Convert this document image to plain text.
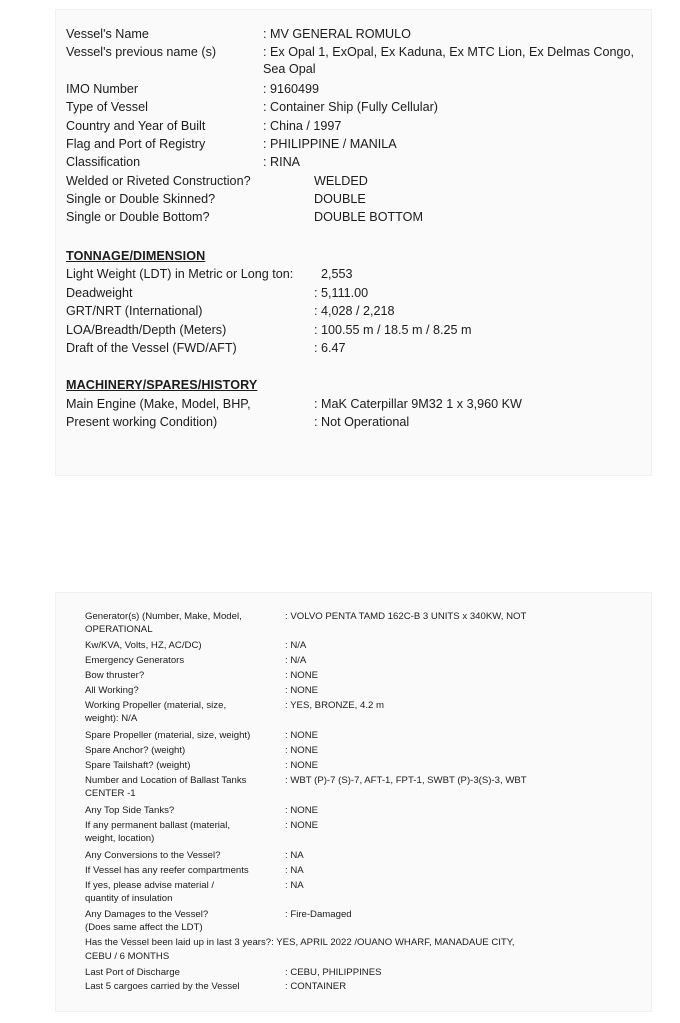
Vessel's Name	: MV GENERAL ROMULO
Vessel's previous name (s)	: Ex Opal 1, ExOpal, Ex Kaduna, Ex MTC Lion, Ex Delmas Congo,
Sea Opal
IMO Number	: 9160499
Type of Vessel	: Container Ship (Fully Cellular)
Country and Year of Built	: China / 1997
Flag and Port of Registry	: PHILIPPINE / MANILA
Classification	: RINA
Welded or Riveted Construction?	WELDED
Single or Double Skinned?	DOUBLE
Single or Double Bottom?	DOUBLE BOTTOM
TONNAGE/DIMENSION
Light Weight (LDT) in Metric or Long ton: 2,553
Deadweight	: 5,111.00
GRT/NRT (International)	: 4,028 / 2,218
LOA/Breadth/Depth (Meters)	: 100.55 m / 18.5 m / 8.25 m
Draft of the Vessel (FWD/AFT)	: 6.47
MACHINERY/SPARES/HISTORY
Main Engine (Make, Model, BHP,	: MaK Caterpillar 9M32 1 x 3,960 KW
Present working Condition)	: Not Operational
Generator(s) (Number, Make, Model,	: VOLVO PENTA TAMD 162C-B 3 UNITS x 340KW, NOT
OPERATIONAL
Kw/KVA, Volts, HZ, AC/DC)	: N/A
Emergency Generators	: N/A
Bow thruster?	: NONE
All Working?	: NONE
Working Propeller (material, size,	: YES, BRONZE, 4.2 m
weight): N/A
Spare Propeller (material, size, weight)	: NONE
Spare Anchor? (weight)	: NONE
Spare Tailshaft? (weight)	: NONE
Number and Location of Ballast Tanks	: WBT (P)-7 (S)-7, AFT-1, FPT-1, SWBT (P)-3(S)-3, WBT
CENTER -1
Any Top Side Tanks?	: NONE
If any permanent ballast (material,	: NONE
weight, location)
Any Conversions to the Vessel?	: NA
If Vessel has any reefer compartments	: NA
If yes, please advise material /	: NA
quantity of insulation
Any Damages to the Vessel?	: Fire-Damaged
(Does same affect the LDT)
Has the Vessel been laid up in last 3 years?: YES, APRIL 2022 /OUANO WHARF, MANADAUE CITY,
CEBU / 6 MONTHS
Last Port of Discharge	: CEBU, PHILIPPINES
Last 5 cargoes carried by the Vessel	: CONTAINER
